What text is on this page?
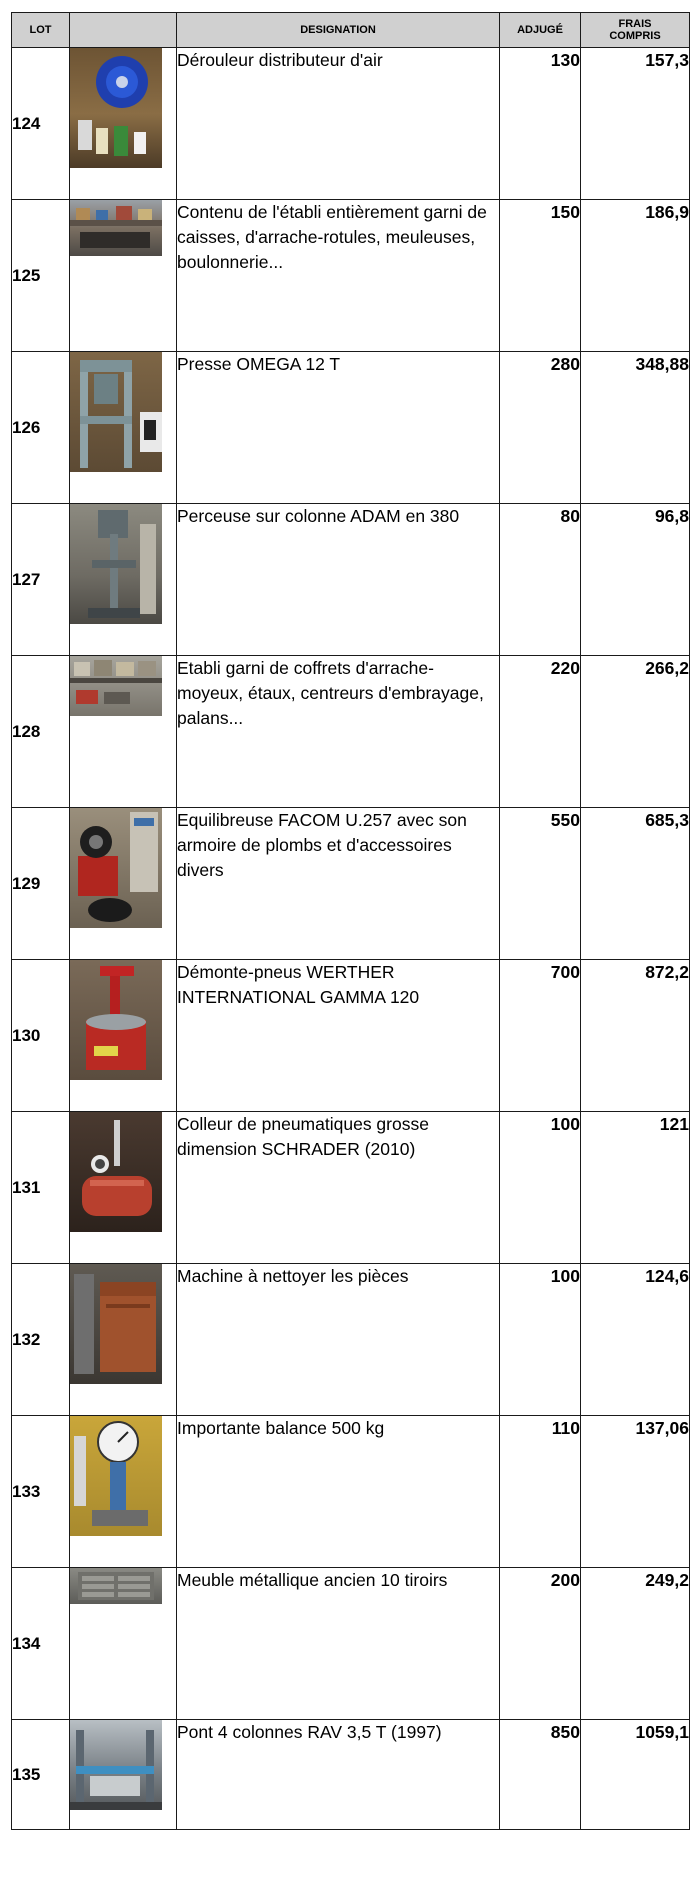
LOT		DESIGNATION	ADJUGÉ	FRAIS
COMPRIS
124		Dérouleur distributeur d'air	130	157,3
125		Contenu de l'établi entièrement garni de caisses, d'arrache-rotules, meuleuses, boulonnerie...	150	186,9
126		Presse OMEGA 12 T	280	348,88
127		Perceuse sur colonne ADAM en 380	80	96,8
128		Etabli garni de coffrets d'arrache-moyeux, étaux, centreurs d'embrayage, palans...	220	266,2
129		Equilibreuse FACOM U.257 avec son armoire de plombs et d'accessoires divers	550	685,3
130		Démonte-pneus WERTHER INTERNATIONAL GAMMA 120	700	872,2
131		Colleur de pneumatiques grosse dimension SCHRADER (2010)	100	121
132		Machine à nettoyer les pièces	100	124,6
133		Importante balance 500 kg	110	137,06
134		Meuble métallique ancien 10 tiroirs	200	249,2
135		Pont 4 colonnes RAV 3,5 T (1997)	850	1059,1
